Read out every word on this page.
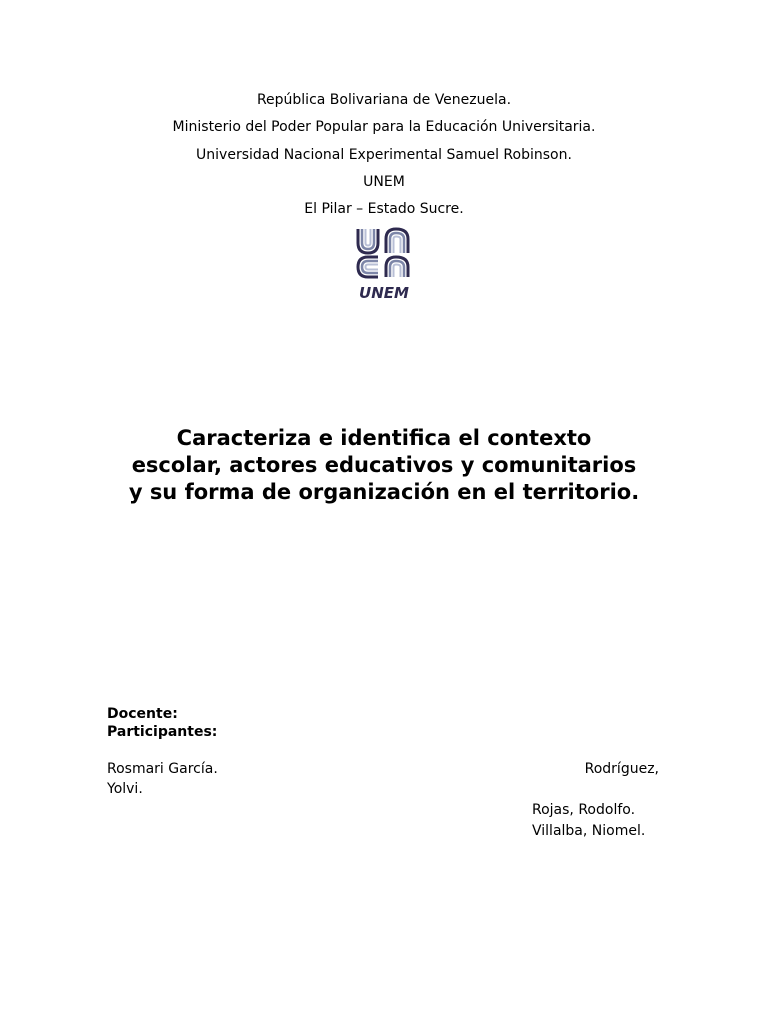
República Bolivariana de Venezuela.
Ministerio del Poder Popular para la Educación Universitaria.
Universidad Nacional Experimental Samuel Robinson.
UNEM
El Pilar – Estado Sucre.
UNEM
Caracteriza e identifica el contexto
escolar, actores educativos y comunitarios
y su forma de organización en el territorio.
Docente:
Participantes:
Rosmari García.	Rodríguez,
Yolvi.
Rojas, Rodolfo.
Villalba, Niomel.
